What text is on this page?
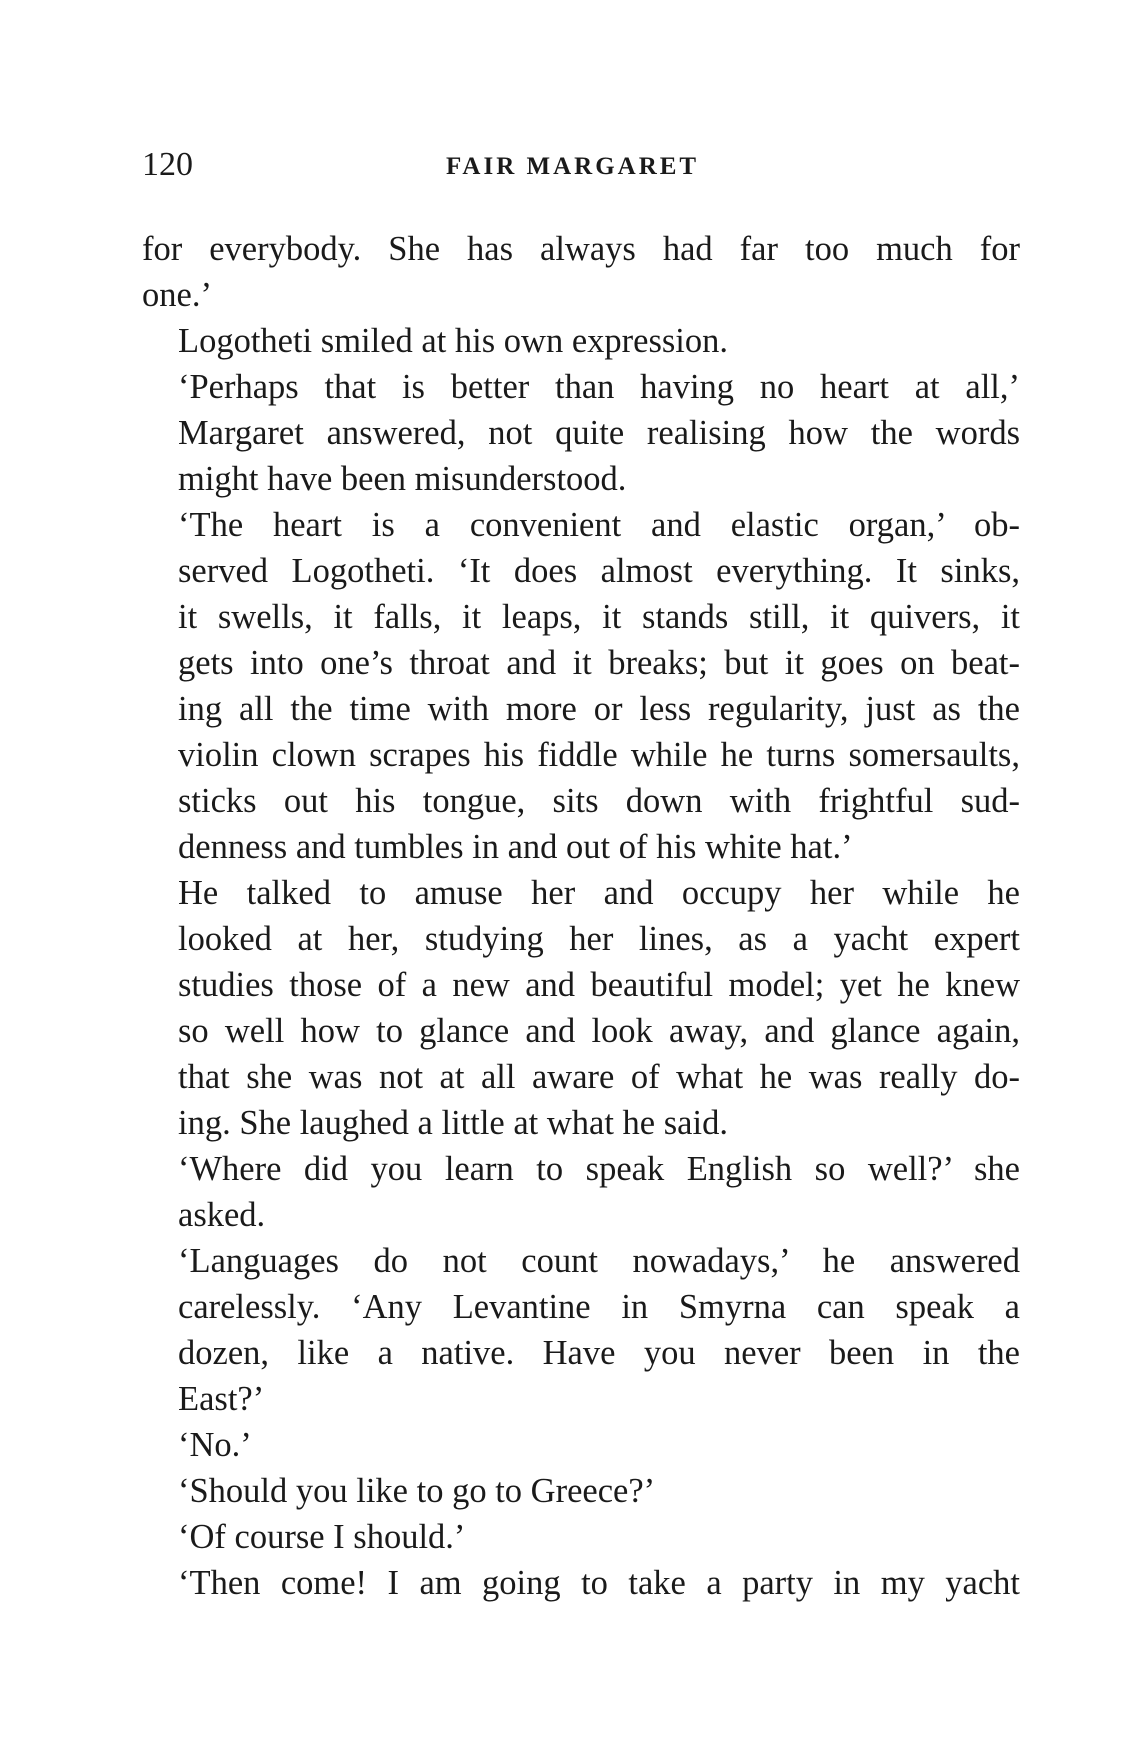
120	FAIR MARGARET

for everybody. She has always had far too much for
one.’

Logotheti smiled at his own expression.

‘Perhaps that is better than having no heart at all,’
Margaret answered, not quite realising how the words
might have been misunderstood.

‘The heart is a convenient and elastic organ,’ ob-
served Logotheti. ‘It does almost everything. It sinks,
it swells, it falls, it leaps, it stands still, it quivers, it
gets into one’s throat and it breaks; but it goes on beat-
ing all the time with more or less regularity, just as the
violin clown scrapes his fiddle while he turns somersaults,
sticks out his tongue, sits down with frightful sud-
denness and tumbles in and out of his white hat.’

He talked to amuse her and occupy her while he
looked at her, studying her lines, as a yacht expert
studies those of a new and beautiful model; yet he knew
so well how to glance and look away, and glance again,
that she was not at all aware of what he was really do-
ing. She laughed a little at what he said.

‘Where did you learn to speak English so well?’ she
asked.

‘Languages do not count nowadays,’ he answered
carelessly. ‘Any Levantine in Smyrna can speak a
dozen, like a native. Have you never been in the
East?’

‘No.’

‘Should you like to go to Greece?’

‘Of course I should.’

‘Then come! I am going to take a party in my yacht
